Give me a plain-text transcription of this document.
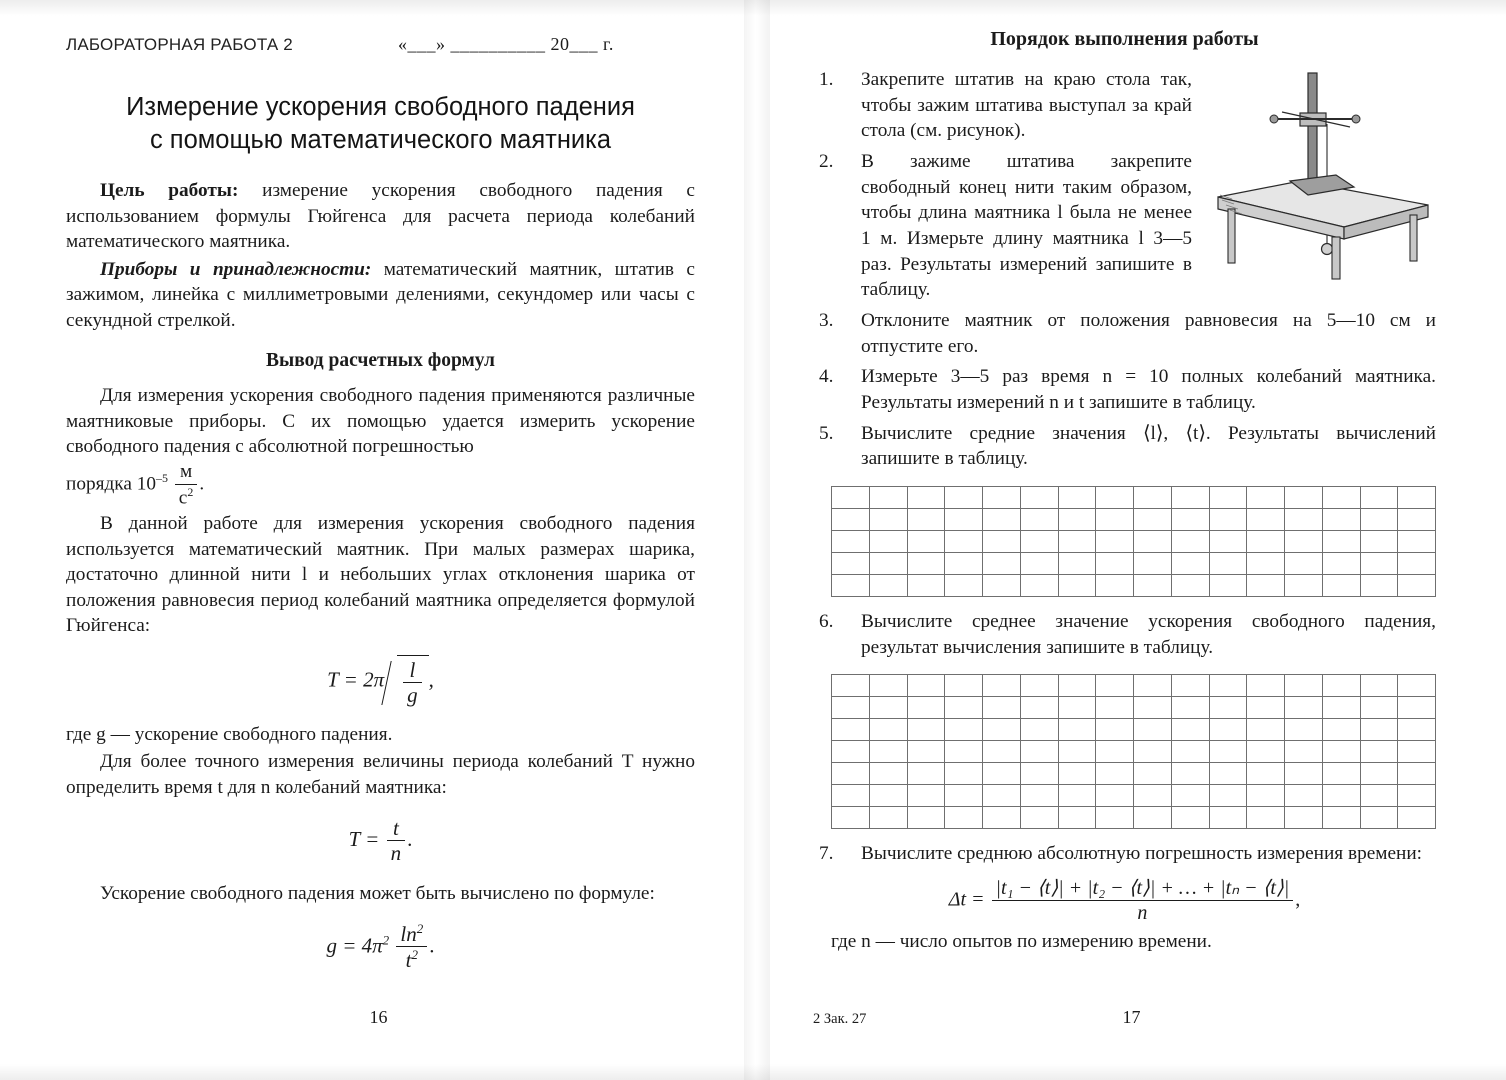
ЛАБОРАТОРНАЯ РАБОТА 2	«___» __________ 20___ г.
Измерение ускорения свободного падения
с помощью математического маятника

Цель работы: измерение ускорения свободного падения с использованием формулы Гюйгенса для расчета периода колебаний математического маятника.

Приборы и принадлежности: математический маятник, штатив с зажимом, линейка с миллиметровыми делениями, секундомер или часы с секундной стрелкой.

Вывод расчетных формул

Для измерения ускорения свободного падения применяются различные маятниковые приборы. С их помощью удается измерить ускорение свободного падения с абсолютной погрешностью

порядка $10^{-5} \frac{м}{с^2}$ .

В данной работе для измерения ускорения свободного падения используется математический маятник. При малых размерах шарика, достаточно длинной нити l и небольших углах отклонения шарика от положения равновесия период колебаний маятника определяется формулой Гюйгенса:

$T = 2\pi \frac{l}{g}$ ,

где g — ускорение свободного падения.

Для более точного измерения величины периода колебаний T нужно определить время t для n колебаний маятника:

$T = \frac{t}{n}$ .

Ускорение свободного падения может быть вычислено по формуле:

$g = 4\pi^2 \frac{\ln^2}{t^2}$ .
16
Порядок выполнения работы
1.	Закрепите штатив на краю стола так, чтобы зажим штатива выступал за край стола (см. рисунок).
2.	В зажиме штатива закрепите свободный конец нити таким образом, чтобы длина маятника l была не менее 1 м. Измерьте длину маятника l 3—5 раз. Результаты измерений запишите в таблицу.
3.	Отклоните маятник от положения равновесия на 5—10 см и отпустите его.
4.	Измерьте 3—5 раз время n = 10 полных колебаний маятника. Результаты измерений n и t запишите в таблицу.
5.	Вычислите средние значения ⟨l⟩, ⟨t⟩. Результаты вычислений запишите в таблицу.

6.	Вычислите среднее значение ускорения свободного падения, результат вычисления запишите в таблицу.

7.	Вычислите среднюю абсолютную погрешность измерения времени:
$\Delta t = \frac{\text{|t₁ − ⟨t⟩| + |t₂ − ⟨t⟩| + … + |tₙ − ⟨t⟩|}}{n}$ ,
где n — число опытов по измерению времени.
2 Зак. 27	17
